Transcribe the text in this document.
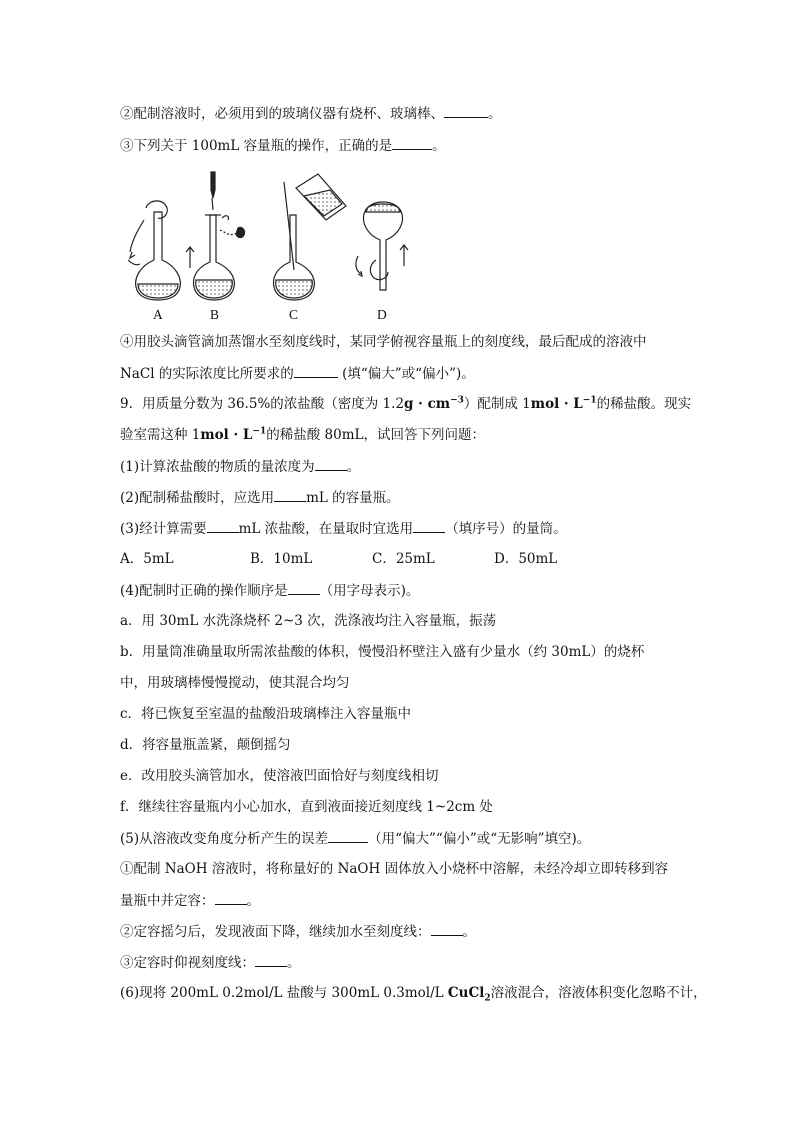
②配制溶液时，必须用到的玻璃仪器有烧杯、玻璃棒、	。
③下列关于 100mL 容量瓶的操作，正确的是	。
A	B	C	D
④用胶头滴管滴加蒸馏水至刻度线时，某同学俯视容量瓶上的刻度线，最后配成的溶液中
NaCl 的实际浓度比所要求的	(填“偏大”或“偏小”)。
9．用质量分数为 36.5%的浓盐酸（密度为 $1.2g \cdot cm^{-3}$）配制成 $1mol \cdot L^{-1}$的稀盐酸。现实
验室需这种 $1mol \cdot L^{-1}$的稀盐酸 80mL，试回答下列问题：
(1)计算浓盐酸的物质的量浓度为 。
(2)配制稀盐酸时，应选用 mL 的容量瓶。
(3)经计算需要 mL 浓盐酸，在量取时宜选用 （填序号）的量筒。
A．5mL	B．10mL	C．25mL	D．50mL
(4)配制时正确的操作顺序是 （用字母表示)。
a．用 30mL 水洗涤烧杯 2~3 次，洗涤液均注入容量瓶，振荡
b．用量筒准确量取所需浓盐酸的体积，慢慢沿杯壁注入盛有少量水（约 30mL）的烧杯
中，用玻璃棒慢慢搅动，使其混合均匀
c．将已恢复至室温的盐酸沿玻璃棒注入容量瓶中
d．将容量瓶盖紧，颠倒摇匀
e．改用胶头滴管加水，使溶液凹面恰好与刻度线相切
f．继续往容量瓶内小心加水，直到液面接近刻度线 1~2cm 处
(5)从溶液改变角度分析产生的误差	（用“偏大”“偏小”或“无影响”填空)。
①配制 NaOH 溶液时，将称量好的 NaOH 固体放入小烧杯中溶解，未经冷却立即转移到容
量瓶中并定容： 。
②定容摇匀后，发现液面下降，继续加水至刻度线： 。
③定容时仰视刻度线： 。
(6)现将 200mL 0.2mol/L 盐酸与 300mL 0.3mol/L CuCl$_2$溶液混合，溶液体积变化忽略不计，
